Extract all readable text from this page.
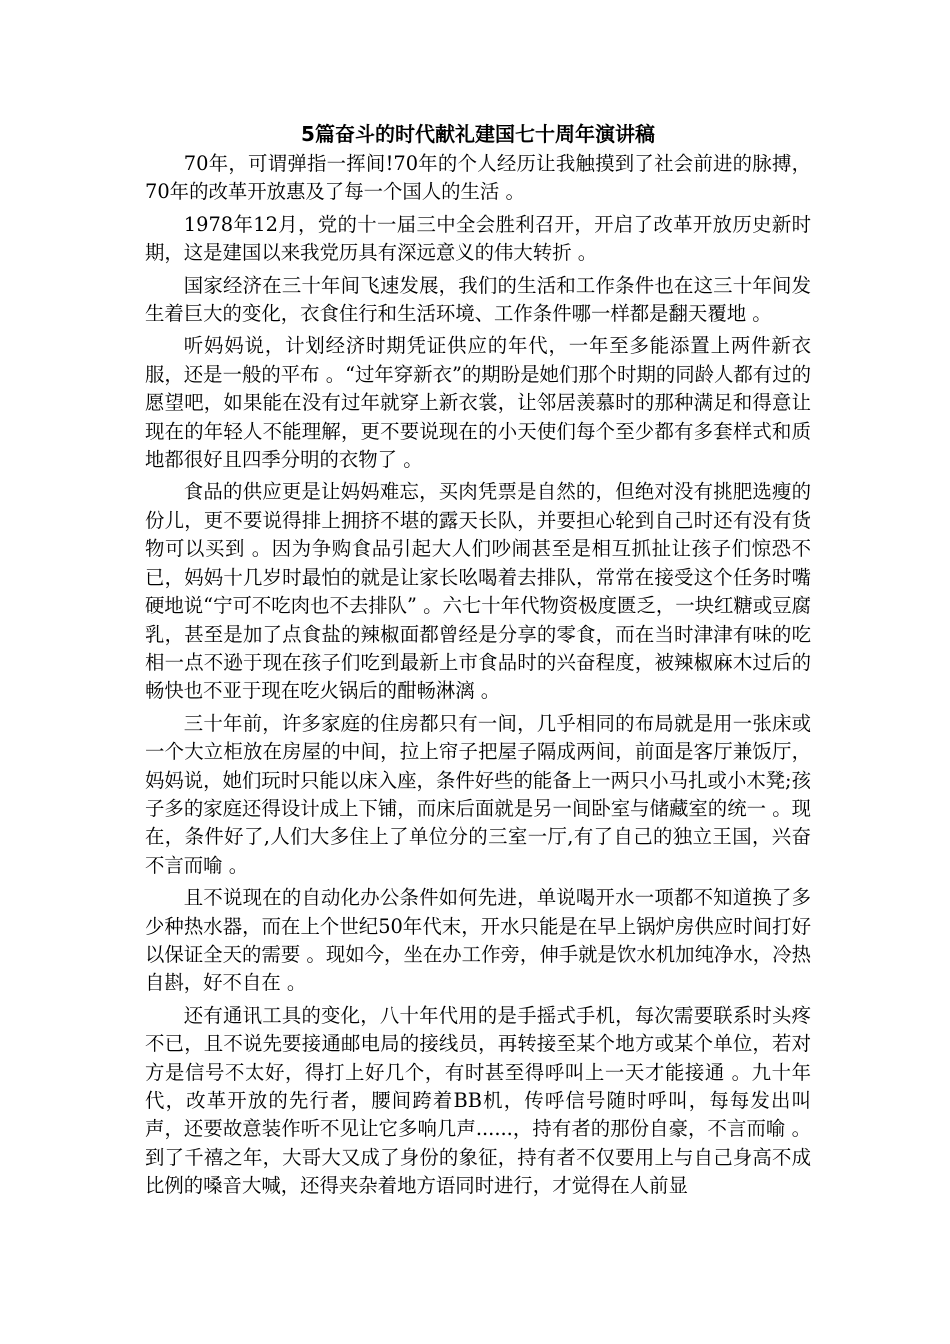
5篇奋斗的时代献礼建国七十周年演讲稿

70年，可谓弹指一挥间!70年的个人经历让我触摸到了社会前进的脉搏，70年的改革开放惠及了每一个国人的生活 。

1978年12月，党的十一届三中全会胜利召开，开启了改革开放历史新时期，这是建国以来我党历具有深远意义的伟大转折 。

国家经济在三十年间飞速发展，我们的生活和工作条件也在这三十年间发生着巨大的变化，衣食住行和生活环境、工作条件哪一样都是翻天覆地 。

听妈妈说，计划经济时期凭证供应的年代，一年至多能添置上两件新衣服，还是一般的平布 。“过年穿新衣”的期盼是她们那个时期的同龄人都有过的愿望吧，如果能在没有过年就穿上新衣裳，让邻居羡慕时的那种满足和得意让现在的年轻人不能理解，更不要说现在的小天使们每个至少都有多套样式和质地都很好且四季分明的衣物了 。

食品的供应更是让妈妈难忘，买肉凭票是自然的，但绝对没有挑肥选瘦的份儿，更不要说得排上拥挤不堪的露天长队，并要担心轮到自己时还有没有货物可以买到 。因为争购食品引起大人们吵闹甚至是相互抓扯让孩子们惊恐不已，妈妈十几岁时最怕的就是让家长吆喝着去排队，常常在接受这个任务时嘴硬地说“宁可不吃肉也不去排队” 。六七十年代物资极度匮乏，一块红糖或豆腐乳，甚至是加了点食盐的辣椒面都曾经是分享的零食，而在当时津津有味的吃相一点不逊于现在孩子们吃到最新上市食品时的兴奋程度，被辣椒麻木过后的畅快也不亚于现在吃火锅后的酣畅淋漓 。

三十年前，许多家庭的住房都只有一间，几乎相同的布局就是用一张床或一个大立柜放在房屋的中间，拉上帘子把屋子隔成两间，前面是客厅兼饭厅，妈妈说，她们玩时只能以床入座，条件好些的能备上一两只小马扎或小木凳;孩子多的家庭还得设计成上下铺，而床后面就是另一间卧室与储藏室的统一 。现在，条件好了,人们大多住上了单位分的三室一厅,有了自己的独立王国，兴奋不言而喻 。

且不说现在的自动化办公条件如何先进，单说喝开水一项都不知道换了多少种热水器，而在上个世纪50年代末，开水只能是在早上锅炉房供应时间打好以保证全天的需要 。现如今，坐在办工作旁，伸手就是饮水机加纯净水，冷热自斟，好不自在 。

还有通讯工具的变化，八十年代用的是手摇式手机，每次需要联系时头疼不已，且不说先要接通邮电局的接线员，再转接至某个地方或某个单位，若对方是信号不太好，得打上好几个，有时甚至得呼叫上一天才能接通 。九十年代，改革开放的先行者，腰间跨着BB机，传呼信号随时呼叫，每每发出叫声，还要故意装作听不见让它多响几声......，持有者的那份自豪，不言而喻 。到了千禧之年，大哥大又成了身份的象征，持有者不仅要用上与自己身高不成比例的嗓音大喊，还得夹杂着地方语同时进行，才觉得在人前显
